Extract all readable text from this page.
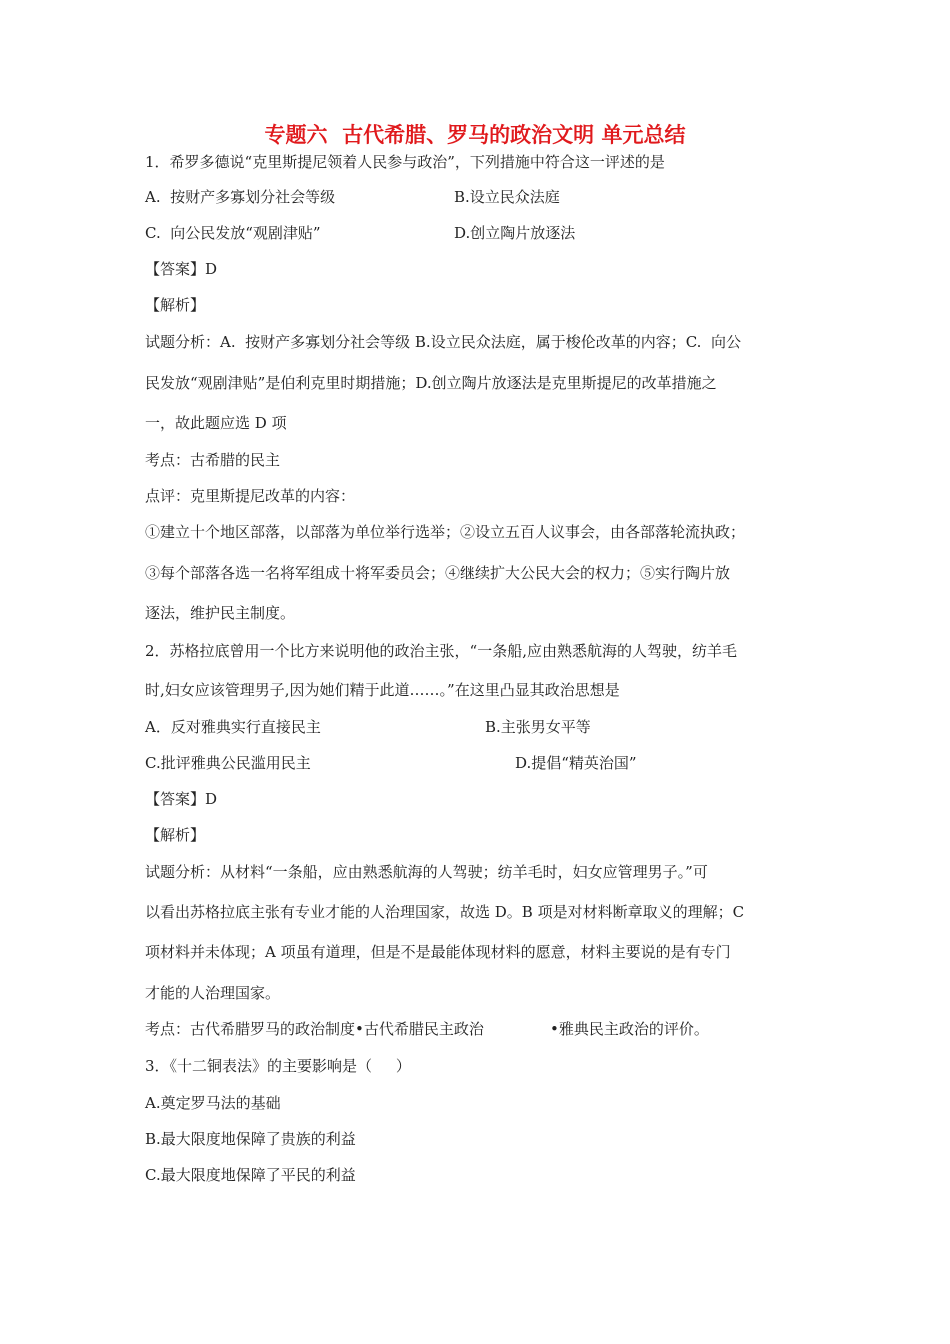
专题六  古代希腊、罗马的政治文明 单元总结
1．希罗多德说“克里斯提尼领着人民参与政治”，下列措施中符合这一评述的是
A.  按财产多寡划分社会等级	B.设立民众法庭
C.  向公民发放“观剧津贴”	D.创立陶片放逐法
【答案】D
【解析】
试题分析：A.  按财产多寡划分社会等级 B.设立民众法庭，属于梭伦改革的内容；C.  向公
民发放“观剧津贴”是伯利克里时期措施；D.创立陶片放逐法是克里斯提尼的改革措施之
一，故此题应选 D 项
考点：古希腊的民主
点评：克里斯提尼改革的内容：
①建立十个地区部落，以部落为单位举行选举；②设立五百人议事会，由各部落轮流执政；
③每个部落各选一名将军组成十将军委员会；④继续扩大公民大会的权力；⑤实行陶片放
逐法，维护民主制度。
2．苏格拉底曾用一个比方来说明他的政治主张，“一条船,应由熟悉航海的人驾驶，纺羊毛
时,妇女应该管理男子,因为她们精于此道……。”在这里凸显其政治思想是
A．反对雅典实行直接民主	B.主张男女平等
C.批评雅典公民滥用民主	D.提倡“精英治国”
【答案】D
【解析】
试题分析：从材料“一条船，应由熟悉航海的人驾驶；纺羊毛时，妇女应管理男子。”可
以看出苏格拉底主张有专业才能的人治理国家，故选 D。B 项是对材料断章取义的理解；C
项材料并未体现；A 项虽有道理，但是不是最能体现材料的愿意，材料主要说的是有专门
才能的人治理国家。
考点：古代希腊罗马的政治制度•古代希腊民主政治	•雅典民主政治的评价。
3．《十二铜表法》的主要影响是（     ）
A.奠定罗马法的基础
B.最大限度地保障了贵族的利益
C.最大限度地保障了平民的利益
